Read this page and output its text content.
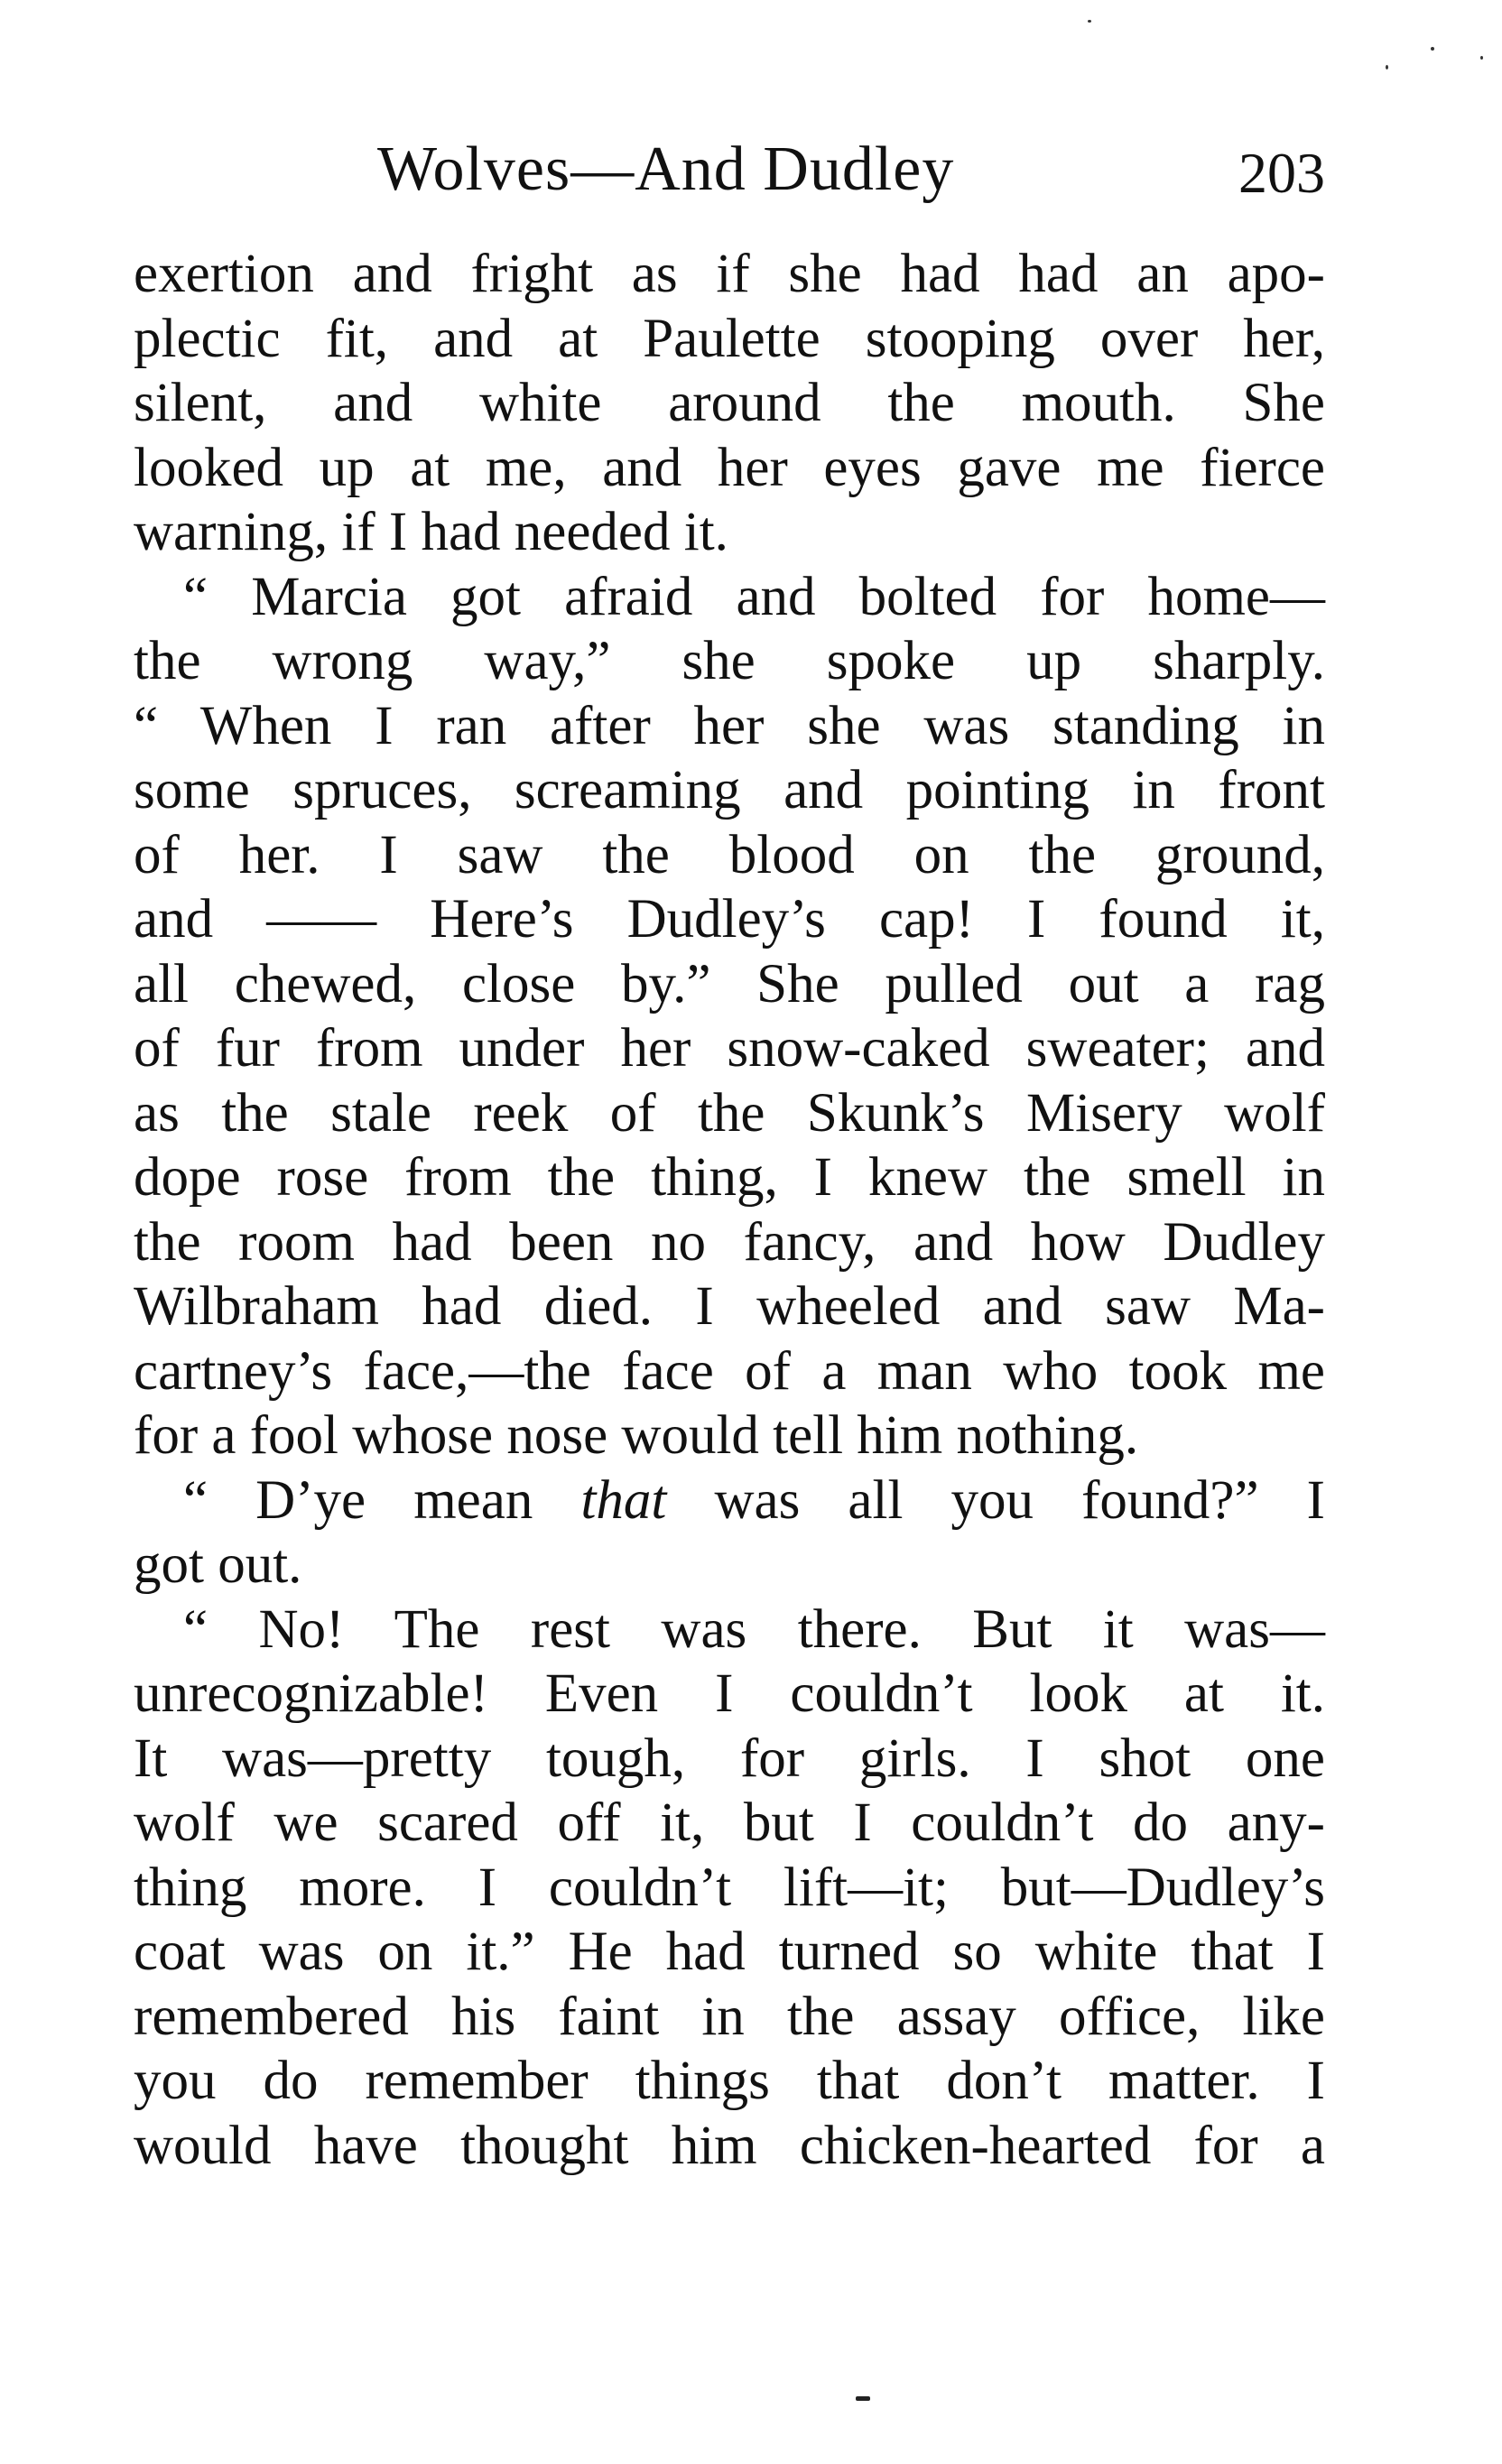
Wolves—And Dudley	203
exertion and fright as if she had had an apo-
plectic fit, and at Paulette stooping over her,
silent, and white around the mouth. She
looked up at me, and her eyes gave me fierce
warning, if I had needed it.
“ Marcia got afraid and bolted for home—
the wrong way,” she spoke up sharply.
“ When I ran after her she was standing in
some spruces, screaming and pointing in front
of her. I saw the blood on the ground,
and —— Here’s Dudley’s cap! I found it,
all chewed, close by.” She pulled out a rag
of fur from under her snow-caked sweater; and
as the stale reek of the Skunk’s Misery wolf
dope rose from the thing, I knew the smell in
the room had been no fancy, and how Dudley
Wilbraham had died. I wheeled and saw Ma-
cartney’s face,—the face of a man who took me
for a fool whose nose would tell him nothing.
“ D’ye mean that was all you found?” I
got out.
“ No! The rest was there. But it was—
unrecognizable! Even I couldn’t look at it.
It was—pretty tough, for girls. I shot one
wolf we scared off it, but I couldn’t do any-
thing more. I couldn’t lift—it; but—Dudley’s
coat was on it.” He had turned so white that I
remembered his faint in the assay office, like
you do remember things that don’t matter. I
would have thought him chicken-hearted for a
